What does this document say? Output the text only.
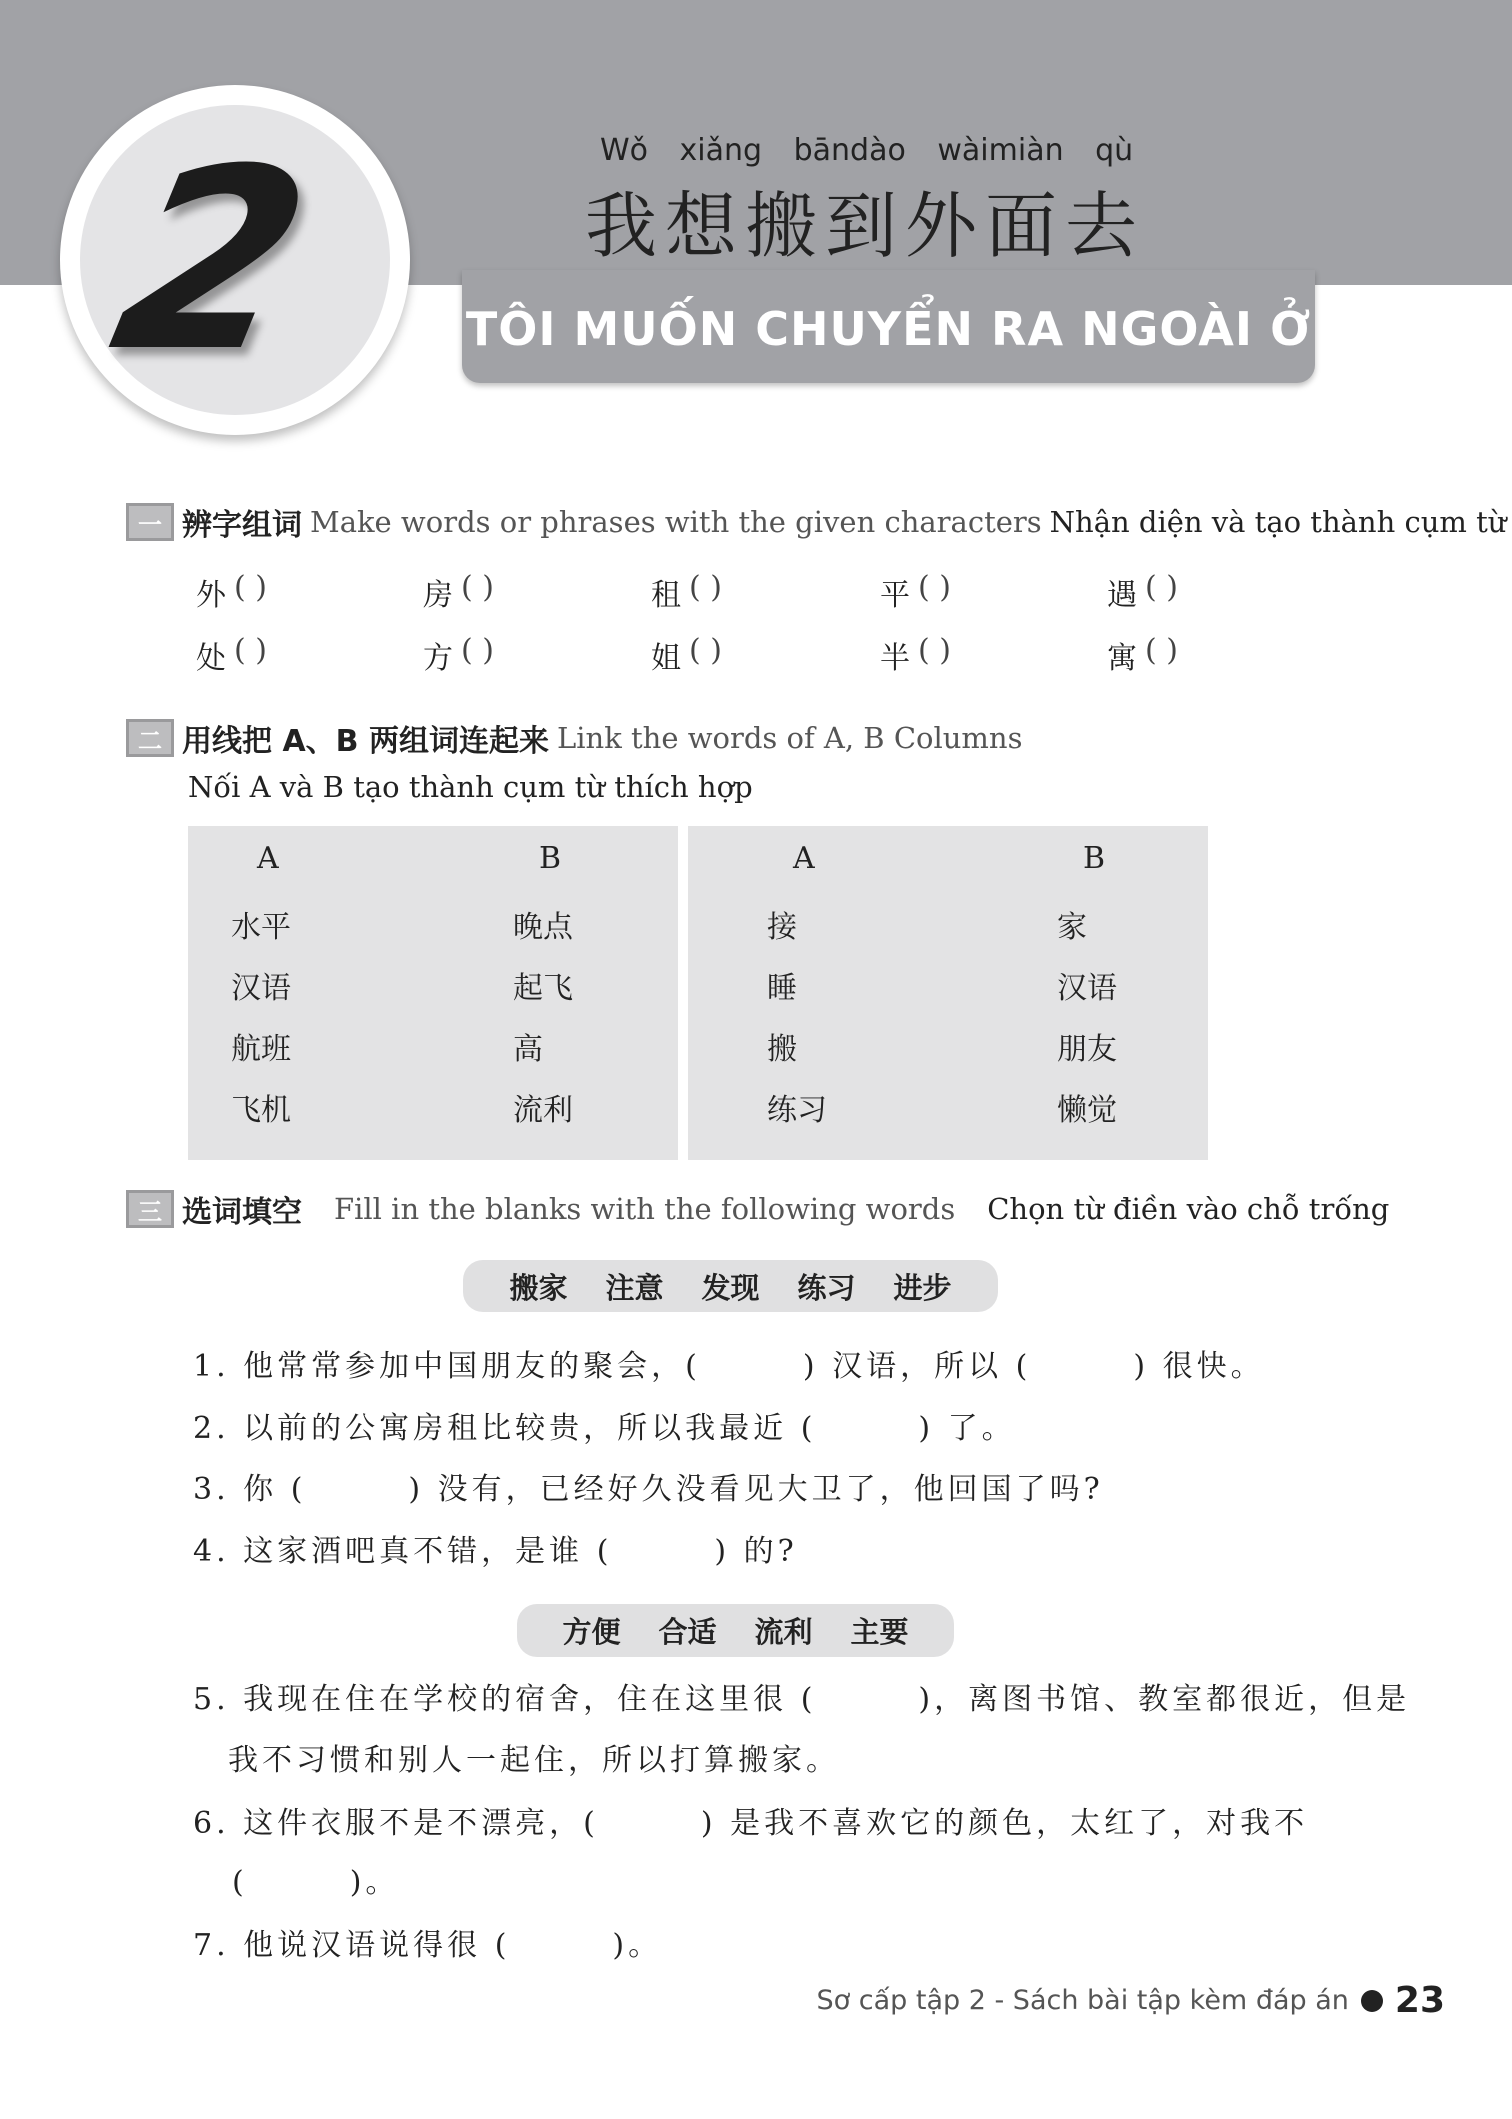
TÔI MUỐN CHUYỂN RA NGOÀI Ở
2	Wǒ xiǎng bāndào wàimiàn qù
我想搬到外面去
一 辨字组词 Make words or phrases with the given characters Nhận diện và tạo thành cụm từ
二 用线把 A、B 两组词连起来 Link the words of A, B Columns
Nối A và B tạo thành cụm từ thích hợp
三 选词填空 Fill in the blanks with the following words Chọn từ điền vào chỗ trống
搬家 注意 发现 练习 进步
方便 合适 流利 主要
Sơ cấp tập 2 - Sách bài tập kèm đáp án 23
外 ( )	房 ( )	租 ( )	平 ( )	遇 ( )
处 ( )	方 ( )	姐 ( )	半 ( )	寓 ( )
A	B
水平	晚点
汉语	起飞
航班	高
飞机	流利
A	B
接	家
睡	汉语
搬	朋友
练习	懒觉
1. 他常常参加中国朋友的聚会，(　　　) 汉语，所以 (　　　) 很快。
2. 以前的公寓房租比较贵，所以我最近 (　　　) 了。
3. 你 (　　　) 没有，已经好久没看见大卫了，他回国了吗?
4. 这家酒吧真不错，是谁 (　　　) 的?
5. 我现在住在学校的宿舍，住在这里很 (　　　)，离图书馆、教室都很近，但是
我不习惯和别人一起住，所以打算搬家。
6. 这件衣服不是不漂亮，(　　　) 是我不喜欢它的颜色，太红了，对我不
(　　　)。
7. 他说汉语说得很 (　　　)。
